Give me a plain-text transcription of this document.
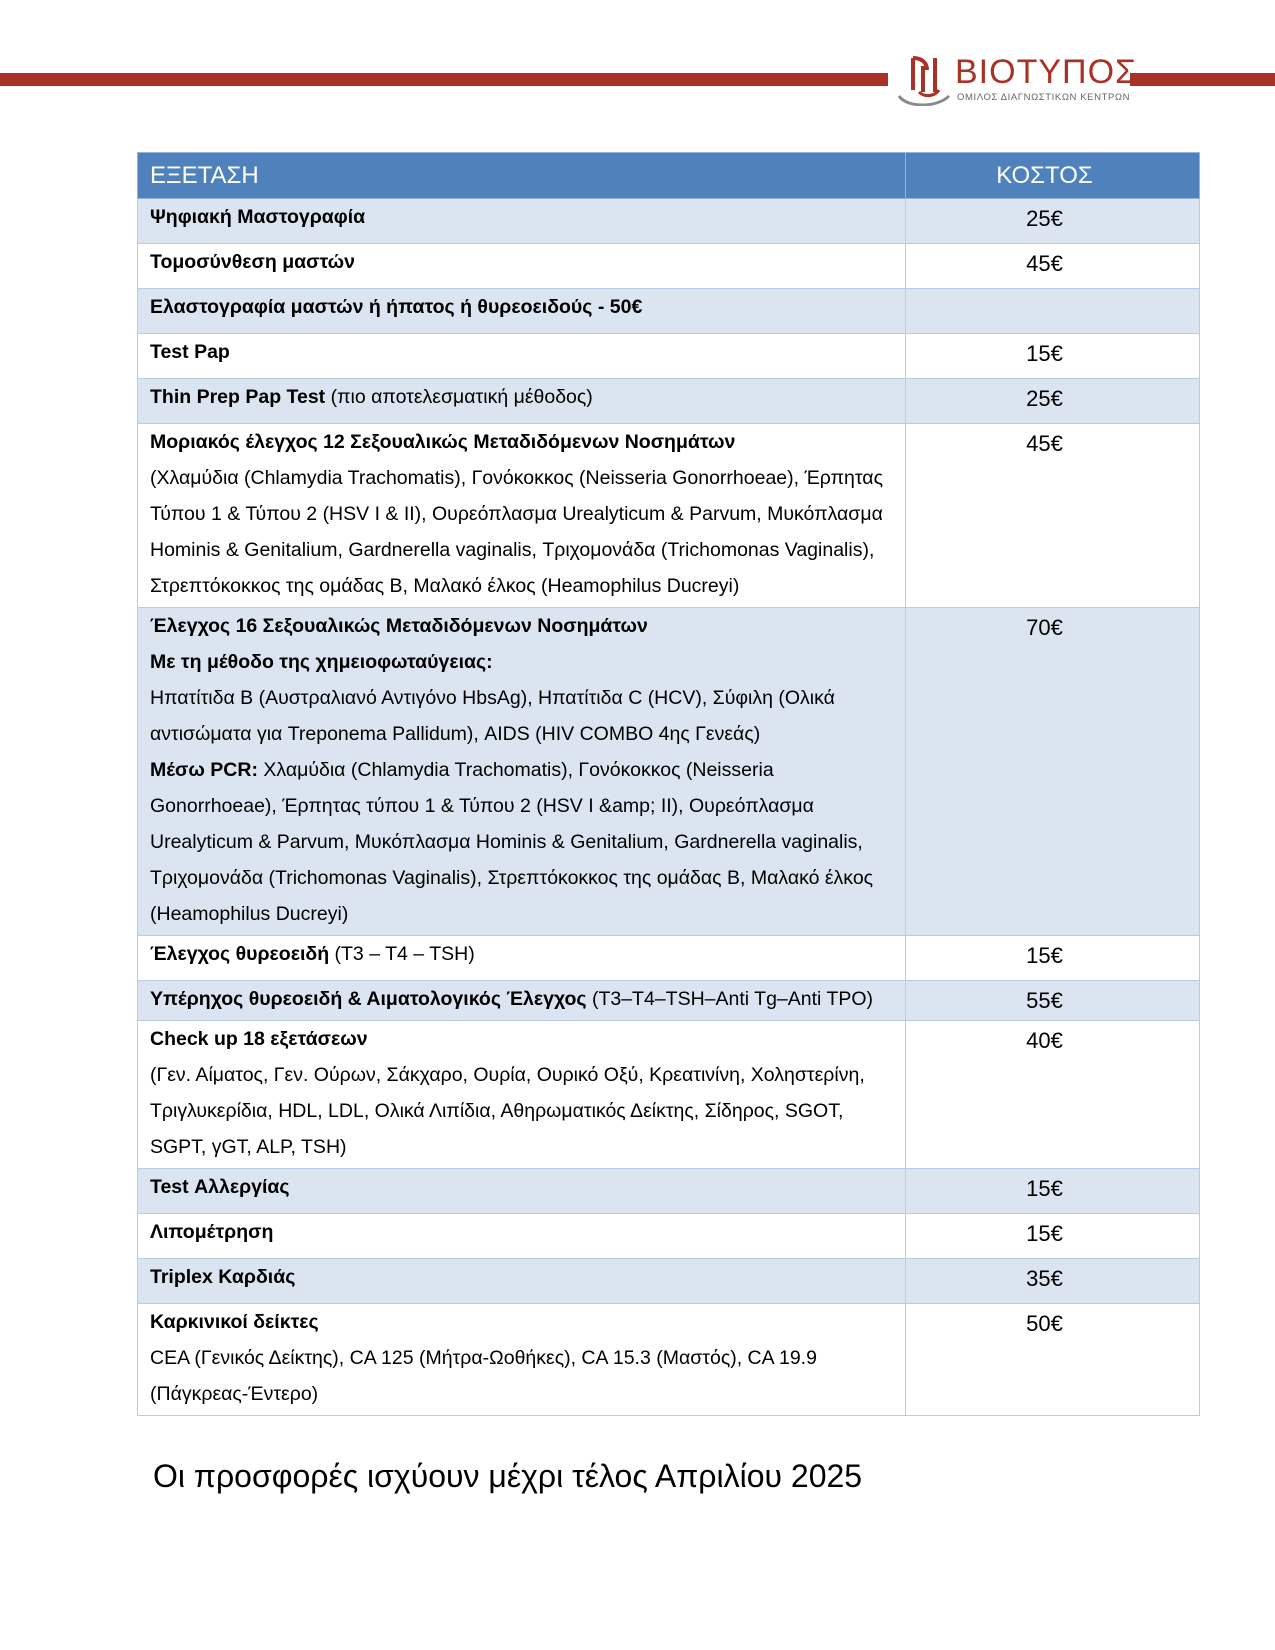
ΒΙΟΤΥΠΟΣ
ΟΜΙΛΟΣ ΔΙΑΓΝΩΣΤΙΚΩΝ ΚΕΝΤΡΩΝ
ΕΞΕΤΑΣΗ	ΚΟΣΤΟΣ
Ψηφιακή Μαστογραφία	25€
Τομοσύνθεση μαστών	45€
Ελαστογραφία μαστών ή ήπατος ή θυρεοειδούς - 50€	
Test Pap	15€
Thin Prep Pap Test (πιο αποτελεσματική μέθοδος)	25€

Μοριακός έλεγχος 12 Σεξουαλικώς Μεταδιδόμενων Νοσημάτων
(Χλαμύδια (Chlamydia Trachomatis), Γονόκοκκος (Neisseria Gonorrhoeae), Έρπητας Τύπου 1 & Τύπου 2 (HSV I & II), Ουρεόπλασμα Urealyticum & Parvum, Μυκόπλασμα Hominis & Genitalium, Gardnerella vaginalis, Τριχομονάδα (Trichomonas Vaginalis), Στρεπτόκοκκος της ομάδας B, Μαλακό έλκος (Heamophilus Ducreyi)	45€

Έλεγχος 16 Σεξουαλικώς Μεταδιδόμενων Νοσημάτων
Με τη μέθοδο της χημειοφωταύγειας:
Ηπατίτιδα Β (Αυστραλιανό Αντιγόνο HbsAg), Ηπατίτιδα C (HCV), Σύφιλη (Ολικά αντισώματα για Treponema Pallidum), AIDS (HIV COMBO 4ης Γενεάς)
Μέσω PCR: Χλαμύδια (Chlamydia Trachomatis), Γονόκοκκος (Neisseria Gonorrhoeae), Έρπητας τύπου 1 & Τύπου 2 (HSV I &amp; II), Ουρεόπλασμα Urealyticum & Parvum, Μυκόπλασμα Hominis & Genitalium, Gardnerella vaginalis, Τριχομονάδα (Trichomonas Vaginalis), Στρεπτόκοκκος της ομάδας B, Μαλακό έλκος (Heamophilus Ducreyi)	70€
Έλεγχος θυρεοειδή (T3 – T4 – TSH)	15€
Υπέρηχος θυρεοειδή & Αιματολογικός Έλεγχος (T3–T4–TSH–Anti Tg–Anti TPO)	55€

Check up 18 εξετάσεων
(Γεν. Αίματος, Γεν. Ούρων, Σάκχαρο, Ουρία, Ουρικό Οξύ, Κρεατινίνη, Χοληστερίνη, Τριγλυκερίδια, HDL, LDL, Ολικά Λιπίδια, Αθηρωματικός Δείκτης, Σίδηρος, SGOT, SGPT, γGT, ALP, TSH)	40€
Test Αλλεργίας	15€
Λιπομέτρηση	15€
Triplex Καρδιάς	35€

Καρκινικοί δείκτες
CEA (Γενικός Δείκτης), CA 125 (Μήτρα-Ωοθήκες), CA 15.3 (Μαστός), CA 19.9 (Πάγκρεας-Έντερο)	50€
Οι προσφορές ισχύουν μέχρι τέλος Απριλίου 2025
